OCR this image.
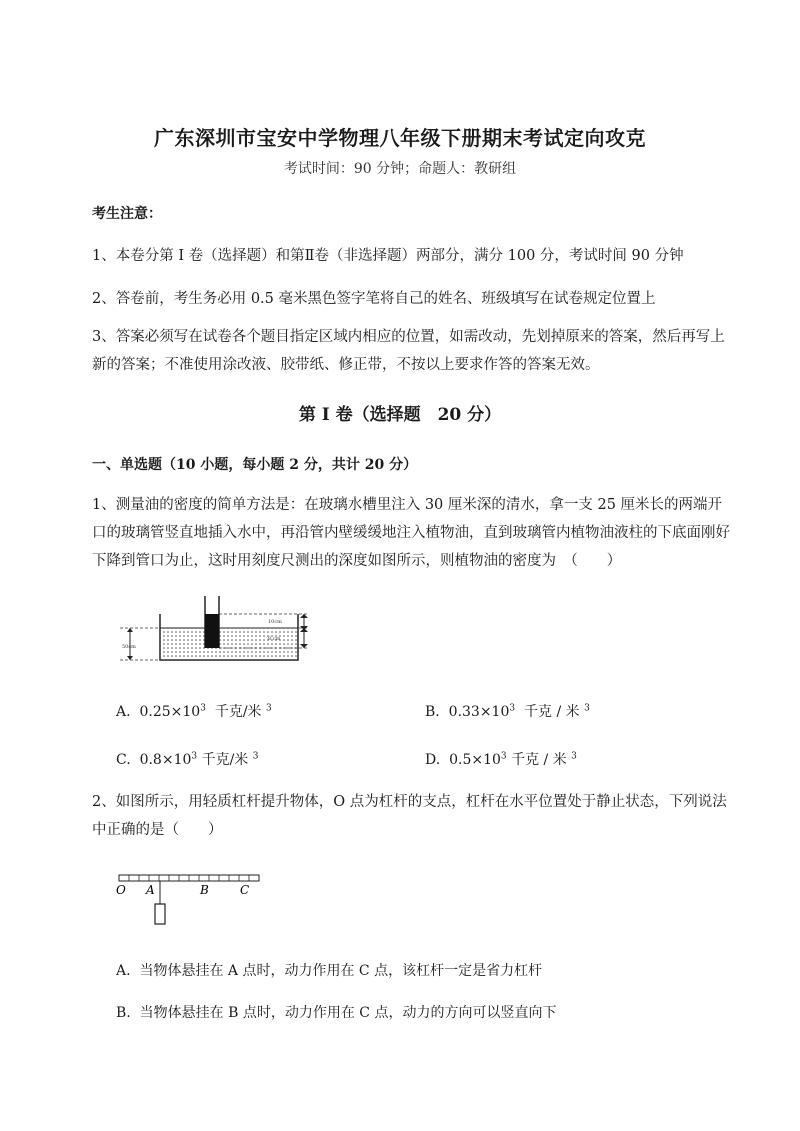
广东深圳市宝安中学物理八年级下册期末考试定向攻克
考试时间：90 分钟；命题人：教研组
考生注意：
1、本卷分第 I 卷（选择题）和第Ⅱ卷（非选择题）两部分，满分 100 分，考试时间 90 分钟
2、答卷前，考生务必用 0.5 毫米黑色签字笔将自己的姓名、班级填写在试卷规定位置上
3、答案必须写在试卷各个题目指定区域内相应的位置，如需改动，先划掉原来的答案，然后再写上新的答案；不准使用涂改液、胶带纸、修正带，不按以上要求作答的答案无效。
第 I 卷（选择题　20 分）
一、单选题（10 小题，每小题 2 分，共计 20 分）
1、测量油的密度的简单方法是：在玻璃水槽里注入 30 厘米深的清水，拿一支 25 厘米长的两端开口的玻璃管竖直地插入水中，再沿管内壁缓缓地注入植物油，直到玻璃管内植物油液柱的下底面刚好下降到管口为止，这时用刻度尺测出的深度如图所示，则植物油的密度为　（　　）
50cm
10cm
8 cm
A. $0.25\times 10^3$ 千克/米 $^3$	B. $0.33\times 10^3$ 千克 / 米 $^3$
C. $0.8\times 10^3$ 千克/米 $^3$	D. $0.5\times 10^3$ 千克 / 米 $^3$
2、如图所示，用轻质杠杆提升物体，O 点为杠杆的支点，杠杆在水平位置处于静止状态，下列说法中正确的是（　　）
O A	B	C
A. 当物体悬挂在 A 点时，动力作用在 C 点，该杠杆一定是省力杠杆
B. 当物体悬挂在 B 点时，动力作用在 C 点，动力的方向可以竖直向下
